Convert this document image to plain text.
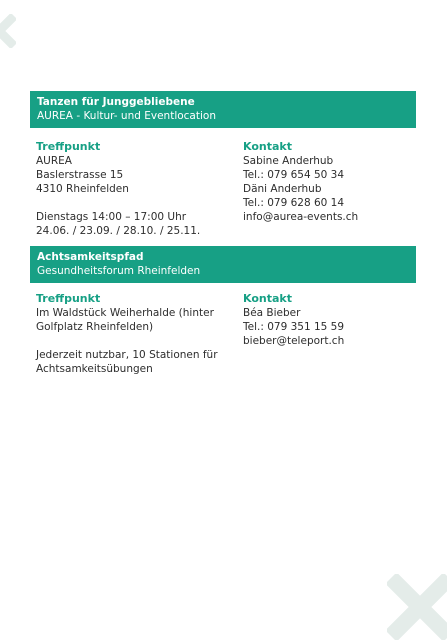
Tanzen für Junggebliebene
AUREA - Kultur- und Eventlocation
Treffpunkt
AUREA
Baslerstrasse 15
4310 Rheinfelden
Dienstags 14:00 – 17:00 Uhr
24.06. / 23.09. / 28.10. / 25.11.
Kontakt
Sabine Anderhub
Tel.: 079 654 50 34
Däni Anderhub
Tel.: 079 628 60 14
info@aurea-events.ch
Achtsamkeitspfad
Gesundheitsforum Rheinfelden
Treffpunkt
Im Waldstück Weiherhalde (hinter
Golfplatz Rheinfelden)
Jederzeit nutzbar, 10 Stationen für
Achtsamkeitsübungen
Kontakt
Béa Bieber
Tel.: 079 351 15 59
bieber@teleport.ch
